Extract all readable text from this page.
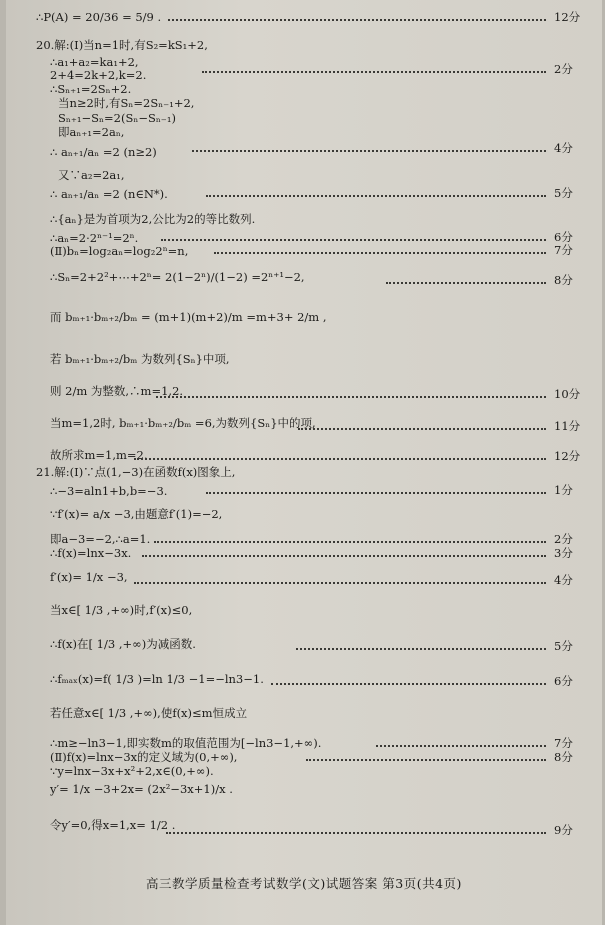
∴P(A) = 20/36 = 5/9 .
20.解:(Ⅰ)当n=1时,有S₂=kS₁+2,
∴a₁+a₂=ka₁+2,
2+4=2k+2,k=2.
∴Sₙ₊₁=2Sₙ+2.
当n≥2时,有Sₙ=2Sₙ₋₁+2,
Sₙ₊₁−Sₙ=2(Sₙ−Sₙ₋₁)
即aₙ₊₁=2aₙ,
∴ aₙ₊₁/aₙ =2 (n≥2)
又∵a₂=2a₁,
∴ aₙ₊₁/aₙ =2 (n∈N*).
∴{aₙ}是为首项为2,公比为2的等比数列.
∴aₙ=2·2ⁿ⁻¹=2ⁿ.
(Ⅱ)bₙ=log₂aₙ=log₂2ⁿ=n,
∴Sₙ=2+2²+⋯+2ⁿ= 2(1−2ⁿ)/(1−2) =2ⁿ⁺¹−2,
而 bₘ₊₁·bₘ₊₂/bₘ = (m+1)(m+2)/m =m+3+ 2/m ,
若 bₘ₊₁·bₘ₊₂/bₘ 为数列{Sₙ}中项,
则 2/m 为整数,∴m=1,2.
当m=1,2时, bₘ₊₁·bₘ₊₂/bₘ =6,为数列{Sₙ}中的项,
故所求m=1,m=2.
21.解:(Ⅰ)∵点(1,−3)在函数f(x)图象上,
∴−3=aln1+b,b=−3.
∵f′(x)= a/x −3,由题意f′(1)=−2,
即a−3=−2,∴a=1.
∴f(x)=lnx−3x.
f′(x)= 1/x −3,
当x∈[ 1/3 ,+∞)时,f′(x)≤0,
∴f(x)在[ 1/3 ,+∞)为减函数.
∴fₘₐₓ(x)=f( 1/3 )=ln 1/3 −1=−ln3−1.
若任意x∈[ 1/3 ,+∞),使f(x)≤m恒成立
∴m≥−ln3−1,即实数m的取值范围为[−ln3−1,+∞).
(Ⅱ)f(x)=lnx−3x的定义域为(0,+∞),
∵y=lnx−3x+x²+2,x∈(0,+∞).
y′= 1/x −3+2x= (2x²−3x+1)/x .
令y′=0,得x=1,x= 1/2 .
12分
2分
4分
5分
6分
7分
8分
10分
11分
12分
1分
2分
3分
4分
5分
6分
7分
8分
9分
高三教学质量检查考试数学(文)试题答案 第3页(共4页)
